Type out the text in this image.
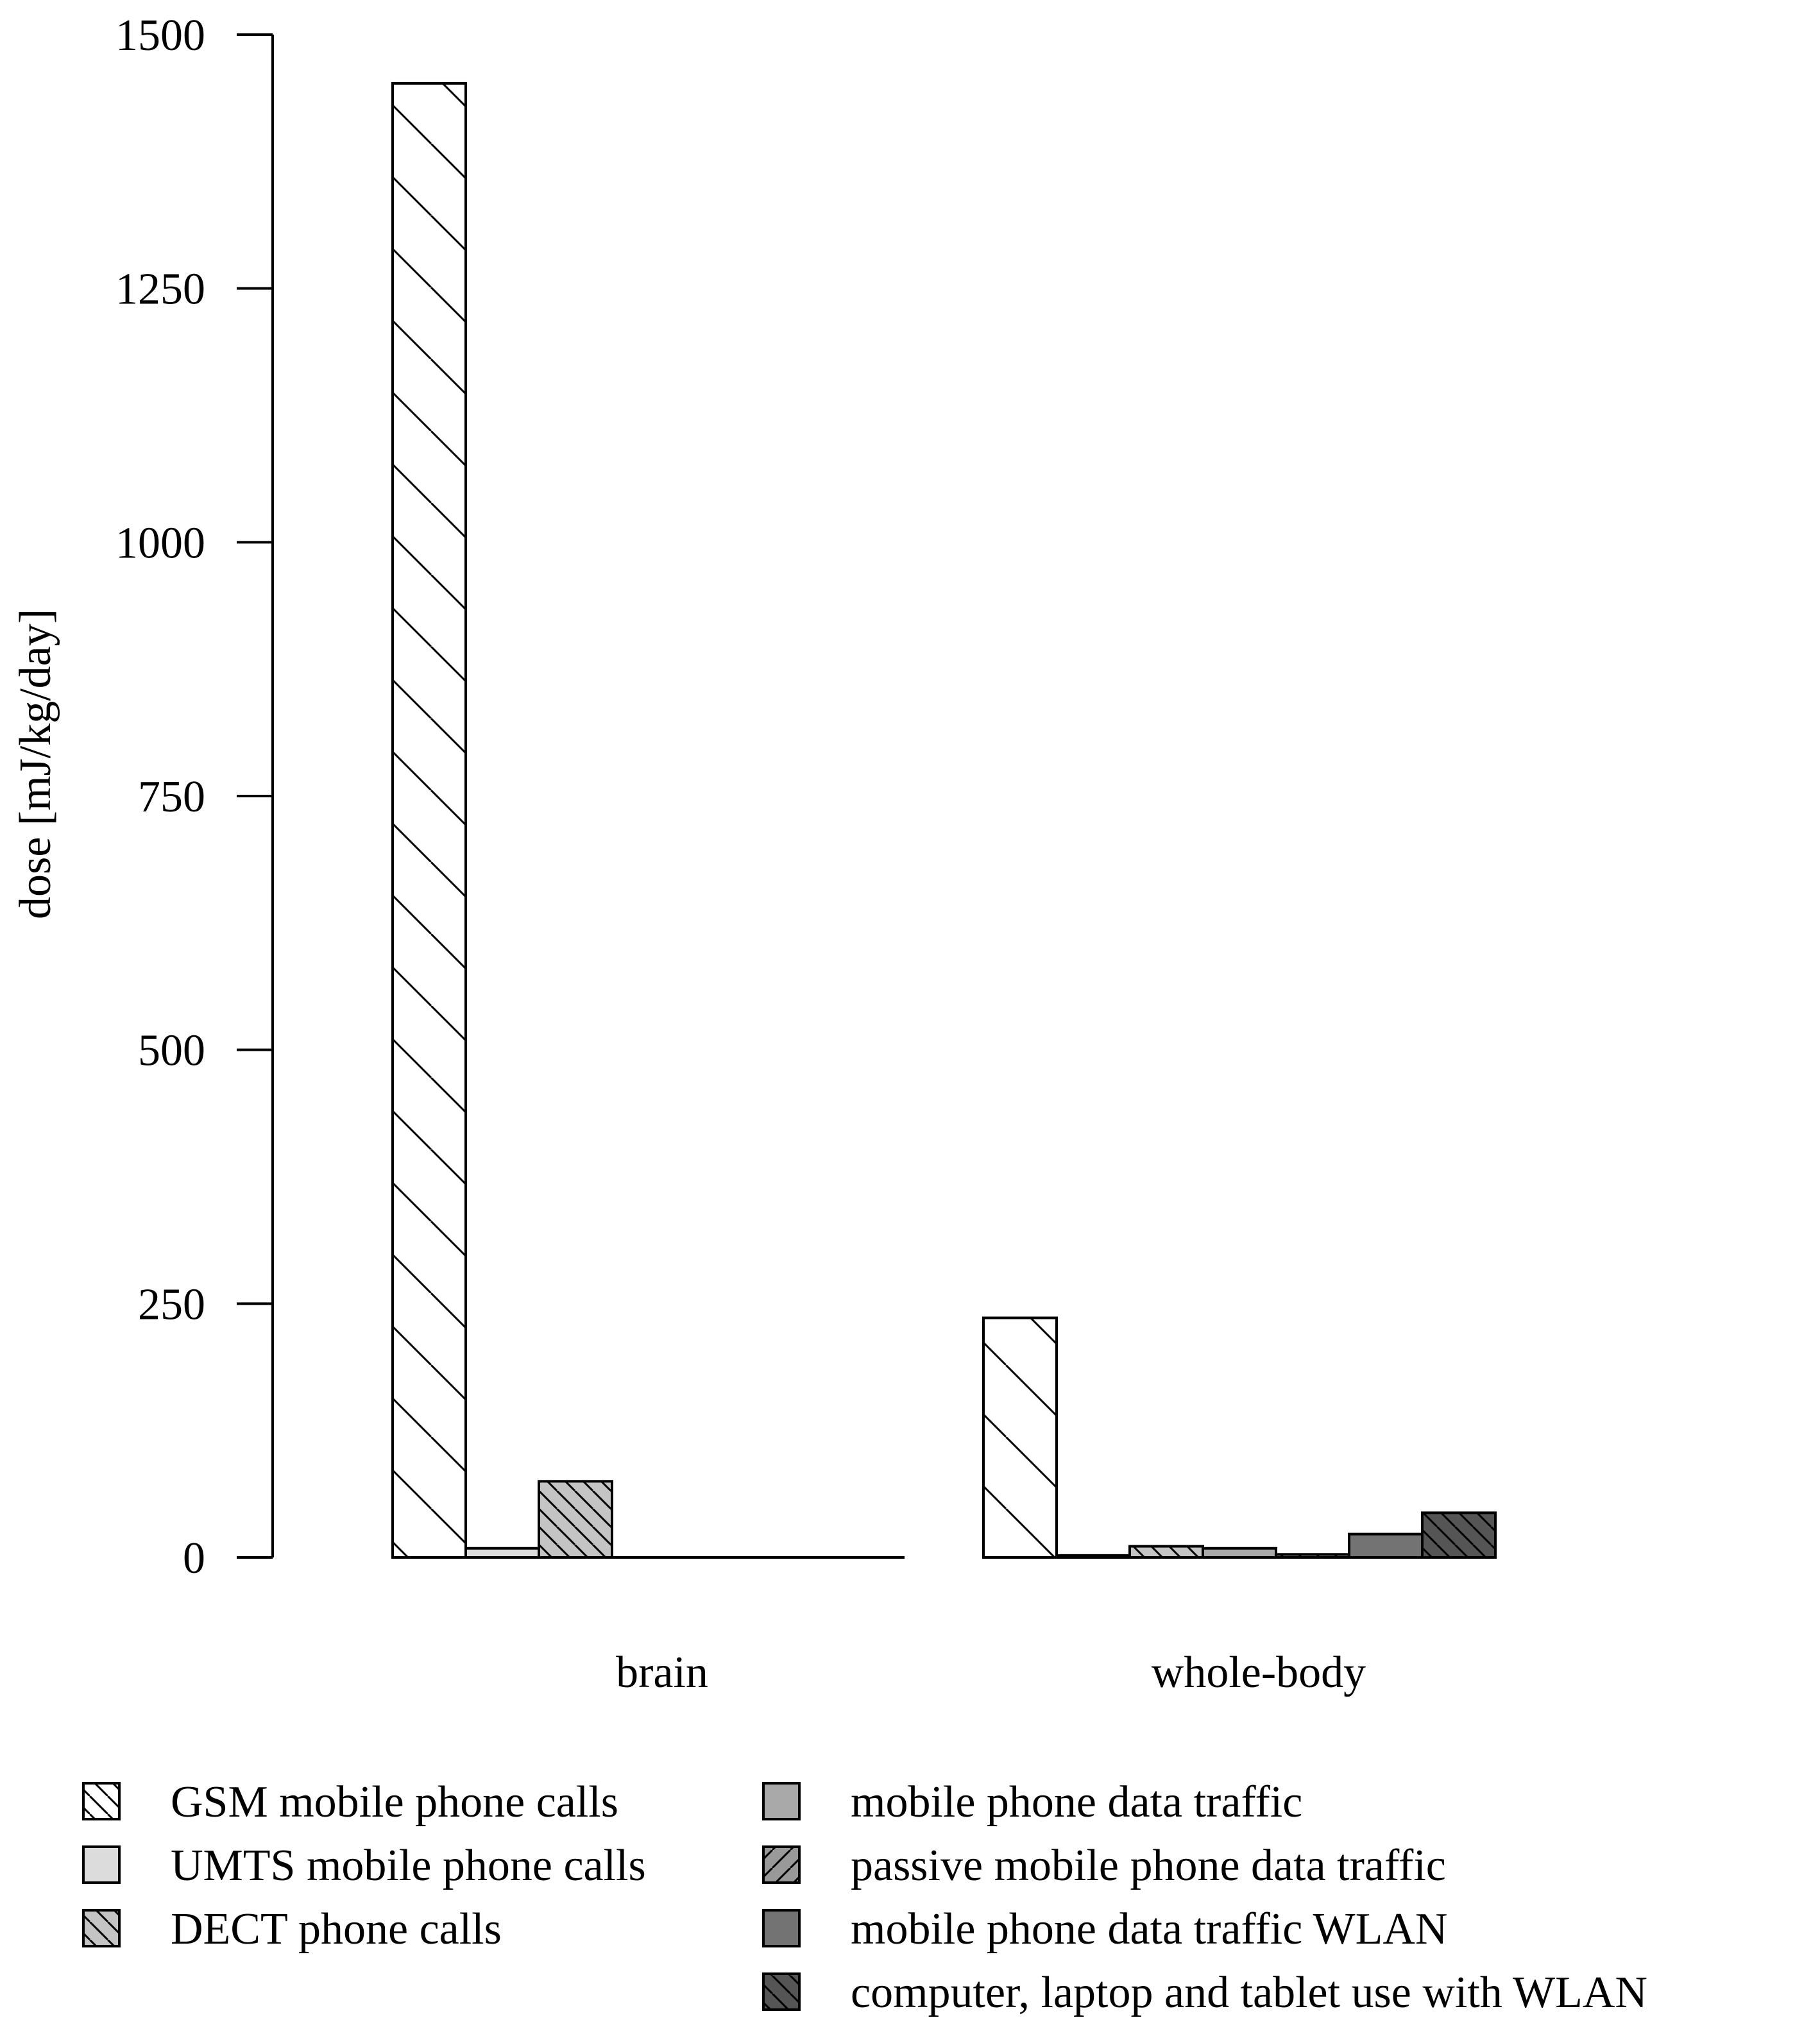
0
250
500
750
1000
1250
1500
dose [mJ/kg/day]
brain	whole-body
GSM mobile phone calls
UMTS mobile phone calls
DECT phone calls
mobile phone data traffic
passive mobile phone data traffic
mobile phone data traffic WLAN
computer, laptop and tablet use with WLAN
